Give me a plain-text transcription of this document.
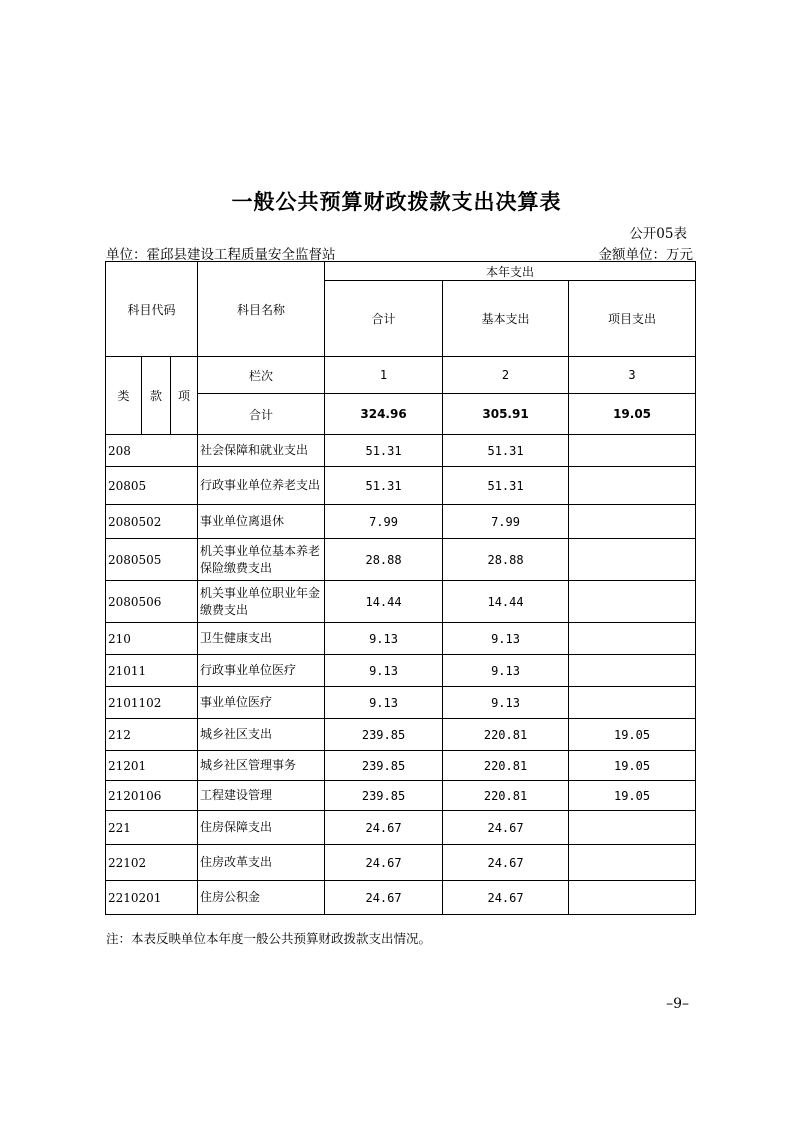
一般公共预算财政拨款支出决算表
公开05表
单位：霍邱县建设工程质量安全监督站	金额单位：万元
科目代码			科目名称	本年支出		
				合计	基本支出	项目支出
类	款	项	栏次	1	2	3
			合计	324.96	305.91	19.05
208			社会保障和就业支出	51.31	51.31	
20805			行政事业单位养老支出	51.31	51.31	
2080502			事业单位离退休	7.99	7.99	
2080505			机关事业单位基本养老保险缴费支出	28.88	28.88	
2080506			机关事业单位职业年金缴费支出	14.44	14.44	
210			卫生健康支出	9.13	9.13	
21011			行政事业单位医疗	9.13	9.13	
2101102			事业单位医疗	9.13	9.13	
212			城乡社区支出	239.85	220.81	19.05
21201			城乡社区管理事务	239.85	220.81	19.05
2120106			工程建设管理	239.85	220.81	19.05
221			住房保障支出	24.67	24.67	
22102			住房改革支出	24.67	24.67	
2210201			住房公积金	24.67	24.67	
注：本表反映单位本年度一般公共预算财政拨款支出情况。
–9–
